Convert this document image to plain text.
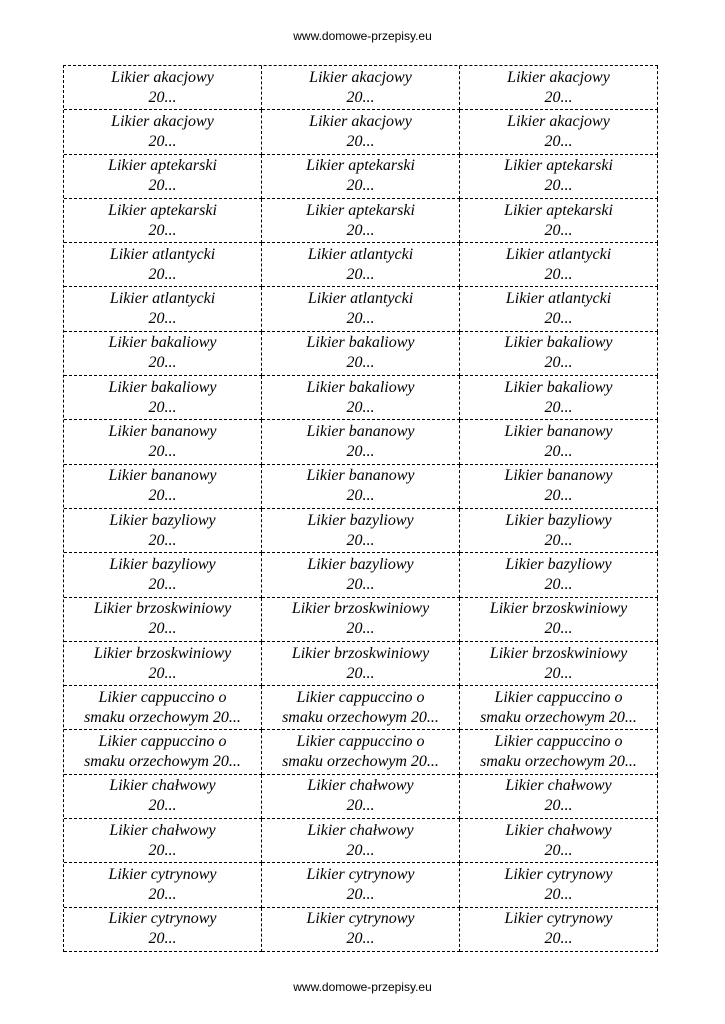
www.domowe-przepisy.eu
Likier akacjowy
20...
Likier akacjowy
20...
Likier akacjowy
20...
Likier akacjowy
20...
Likier akacjowy
20...
Likier akacjowy
20...
Likier aptekarski
20...
Likier aptekarski
20...
Likier aptekarski
20...
Likier aptekarski
20...
Likier aptekarski
20...
Likier aptekarski
20...
Likier atlantycki
20...
Likier atlantycki
20...
Likier atlantycki
20...
Likier atlantycki
20...
Likier atlantycki
20...
Likier atlantycki
20...
Likier bakaliowy
20...
Likier bakaliowy
20...
Likier bakaliowy
20...
Likier bakaliowy
20...
Likier bakaliowy
20...
Likier bakaliowy
20...
Likier bananowy
20...
Likier bananowy
20...
Likier bananowy
20...
Likier bananowy
20...
Likier bananowy
20...
Likier bananowy
20...
Likier bazyliowy
20...
Likier bazyliowy
20...
Likier bazyliowy
20...
Likier bazyliowy
20...
Likier bazyliowy
20...
Likier bazyliowy
20...
Likier brzoskwiniowy
20...
Likier brzoskwiniowy
20...
Likier brzoskwiniowy
20...
Likier brzoskwiniowy
20...
Likier brzoskwiniowy
20...
Likier brzoskwiniowy
20...
Likier cappuccino o
smaku orzechowym 20...
Likier cappuccino o
smaku orzechowym 20...
Likier cappuccino o
smaku orzechowym 20...
Likier cappuccino o
smaku orzechowym 20...
Likier cappuccino o
smaku orzechowym 20...
Likier cappuccino o
smaku orzechowym 20...
Likier chałwowy
20...
Likier chałwowy
20...
Likier chałwowy
20...
Likier chałwowy
20...
Likier chałwowy
20...
Likier chałwowy
20...
Likier cytrynowy
20...
Likier cytrynowy
20...
Likier cytrynowy
20...
Likier cytrynowy
20...
Likier cytrynowy
20...
Likier cytrynowy
20...
www.domowe-przepisy.eu
